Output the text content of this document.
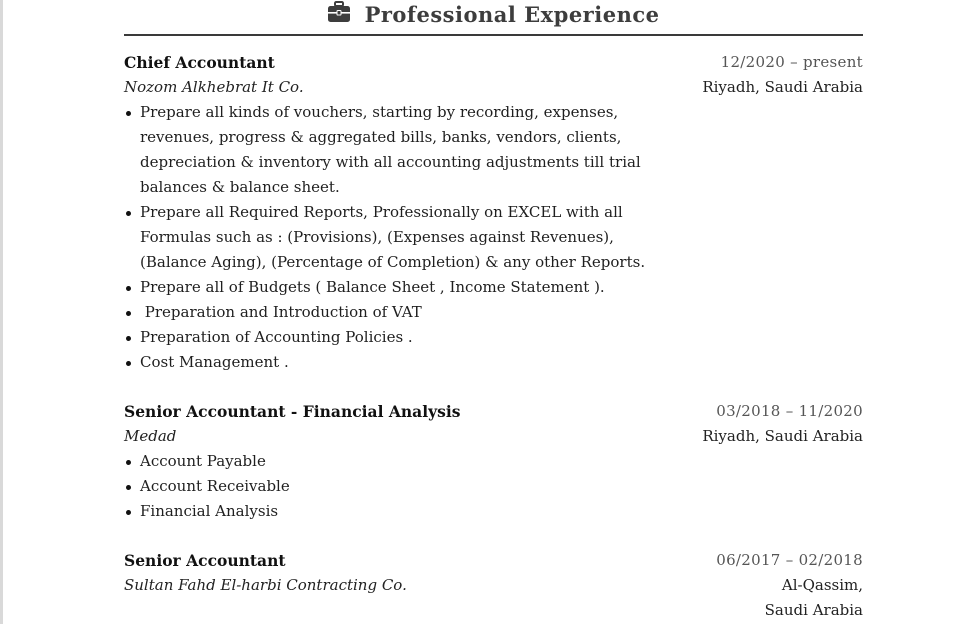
Professional Experience
Chief Accountant	12/2020 – present
Nozom Alkhebrat It Co.	Riyadh, Saudi Arabia
Prepare all kinds of vouchers, starting by recording, expenses, revenues, progress & aggregated bills, banks, vendors, clients, depreciation & inventory with all accounting adjustments till trial balances & balance sheet.
Prepare all Required Reports, Professionally on EXCEL with all Formulas such as : (Provisions), (Expenses against Revenues), (Balance Aging), (Percentage of Completion) & any other Reports.
Prepare all of Budgets ( Balance Sheet , Income Statement ).
Preparation and Introduction of VAT
Preparation of Accounting Policies .
Cost Management .
Senior Accountant - Financial Analysis	03/2018 – 11/2020
Medad	Riyadh, Saudi Arabia
Account Payable
Account Receivable
Financial Analysis
Senior Accountant	06/2017 – 02/2018
Sultan Fahd El-harbi Contracting Co.	Al-Qassim,
Saudi Arabia
